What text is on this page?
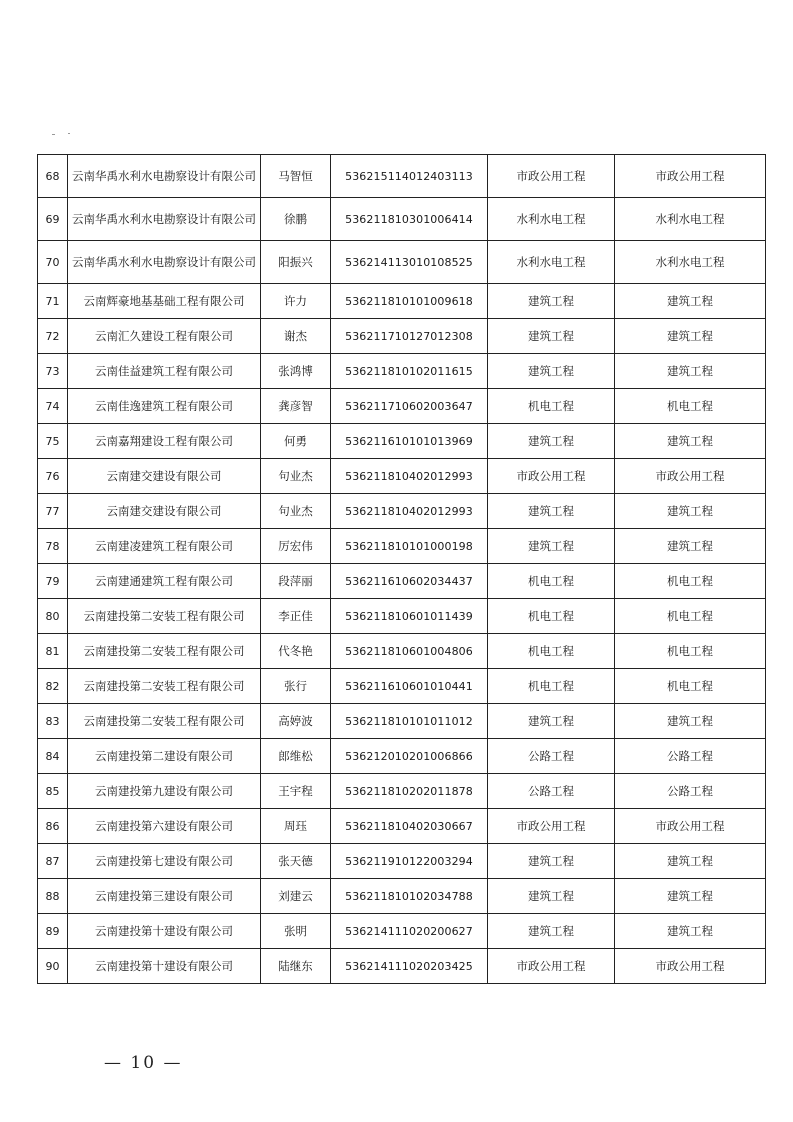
68	云南华禹水利水电勘察设计有限公司	马智恒	536215114012403113	市政公用工程	市政公用工程
69	云南华禹水利水电勘察设计有限公司	徐鹏	536211810301006414	水利水电工程	水利水电工程
70	云南华禹水利水电勘察设计有限公司	阳振兴	536214113010108525	水利水电工程	水利水电工程
71	云南辉豪地基基础工程有限公司	许力	536211810101009618	建筑工程	建筑工程
72	云南汇久建设工程有限公司	谢杰	536211710127012308	建筑工程	建筑工程
73	云南佳益建筑工程有限公司	张鸿博	536211810102011615	建筑工程	建筑工程
74	云南佳逸建筑工程有限公司	龚彦智	536211710602003647	机电工程	机电工程
75	云南嘉翔建设工程有限公司	何勇	536211610101013969	建筑工程	建筑工程
76	云南建交建设有限公司	句业杰	536211810402012993	市政公用工程	市政公用工程
77	云南建交建设有限公司	句业杰	536211810402012993	建筑工程	建筑工程
78	云南建凌建筑工程有限公司	厉宏伟	536211810101000198	建筑工程	建筑工程
79	云南建通建筑工程有限公司	段萍丽	536211610602034437	机电工程	机电工程
80	云南建投第二安装工程有限公司	李正佳	536211810601011439	机电工程	机电工程
81	云南建投第二安装工程有限公司	代冬艳	536211810601004806	机电工程	机电工程
82	云南建投第二安装工程有限公司	张行	536211610601010441	机电工程	机电工程
83	云南建投第二安装工程有限公司	高婷波	536211810101011012	建筑工程	建筑工程
84	云南建投第二建设有限公司	郎维松	536212010201006866	公路工程	公路工程
85	云南建投第九建设有限公司	王宇程	536211810202011878	公路工程	公路工程
86	云南建投第六建设有限公司	周珏	536211810402030667	市政公用工程	市政公用工程
87	云南建投第七建设有限公司	张天德	536211910122003294	建筑工程	建筑工程
88	云南建投第三建设有限公司	刘建云	536211810102034788	建筑工程	建筑工程
89	云南建投第十建设有限公司	张明	536214111020200627	建筑工程	建筑工程
90	云南建投第十建设有限公司	陆继东	536214111020203425	市政公用工程	市政公用工程
— 10 —
